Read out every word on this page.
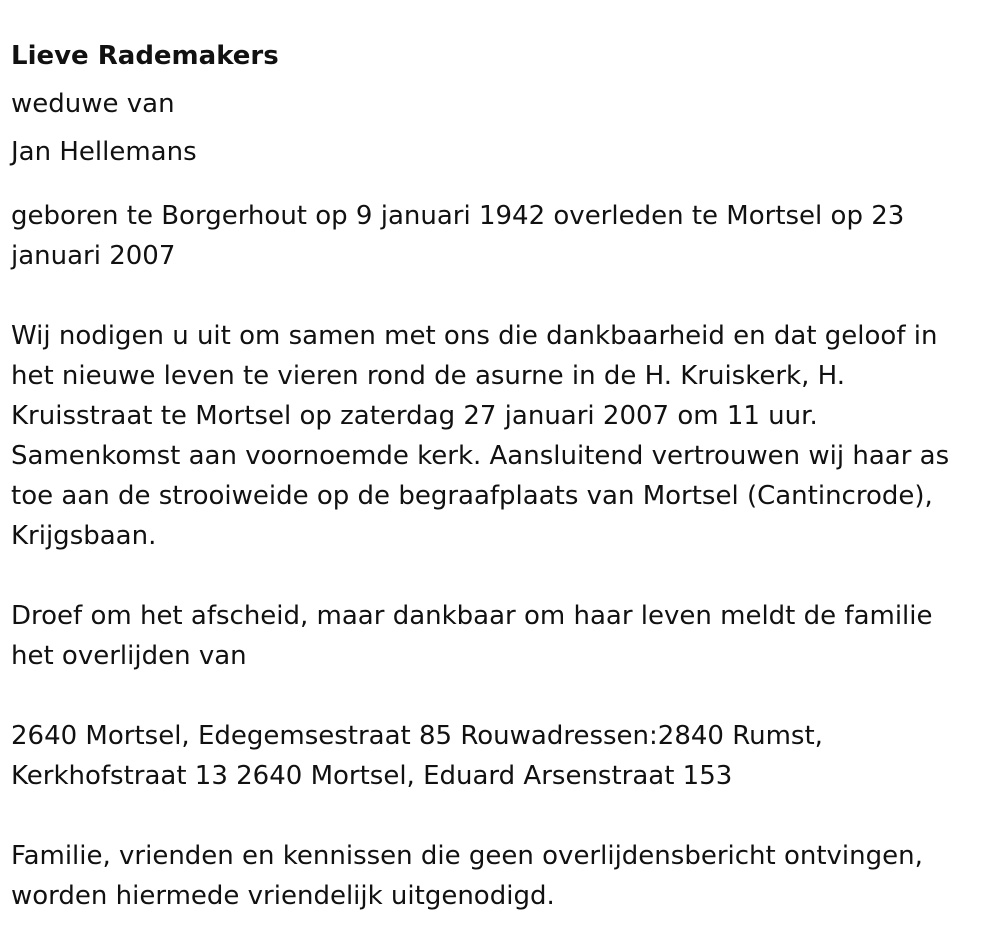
Lieve Rademakers

weduwe van

Jan Hellemans

geboren te Borgerhout op 9 januari 1942 overleden te Mortsel op 23
januari 2007

Wij nodigen u uit om samen met ons die dankbaarheid en dat geloof in
het nieuwe leven te vieren rond de asurne in de H. Kruiskerk, H.
Kruisstraat te Mortsel op zaterdag 27 januari 2007 om 11 uur.
Samenkomst aan voornoemde kerk. Aansluitend vertrouwen wij haar as
toe aan de strooiweide op de begraafplaats van Mortsel (Cantincrode),
Krijgsbaan.

Droef om het afscheid, maar dankbaar om haar leven meldt de familie
het overlijden van

2640 Mortsel, Edegemsestraat 85 Rouwadressen:2840 Rumst,
Kerkhofstraat 13 2640 Mortsel, Eduard Arsenstraat 153

Familie, vrienden en kennissen die geen overlijdensbericht ontvingen,
worden hiermede vriendelijk uitgenodigd.
